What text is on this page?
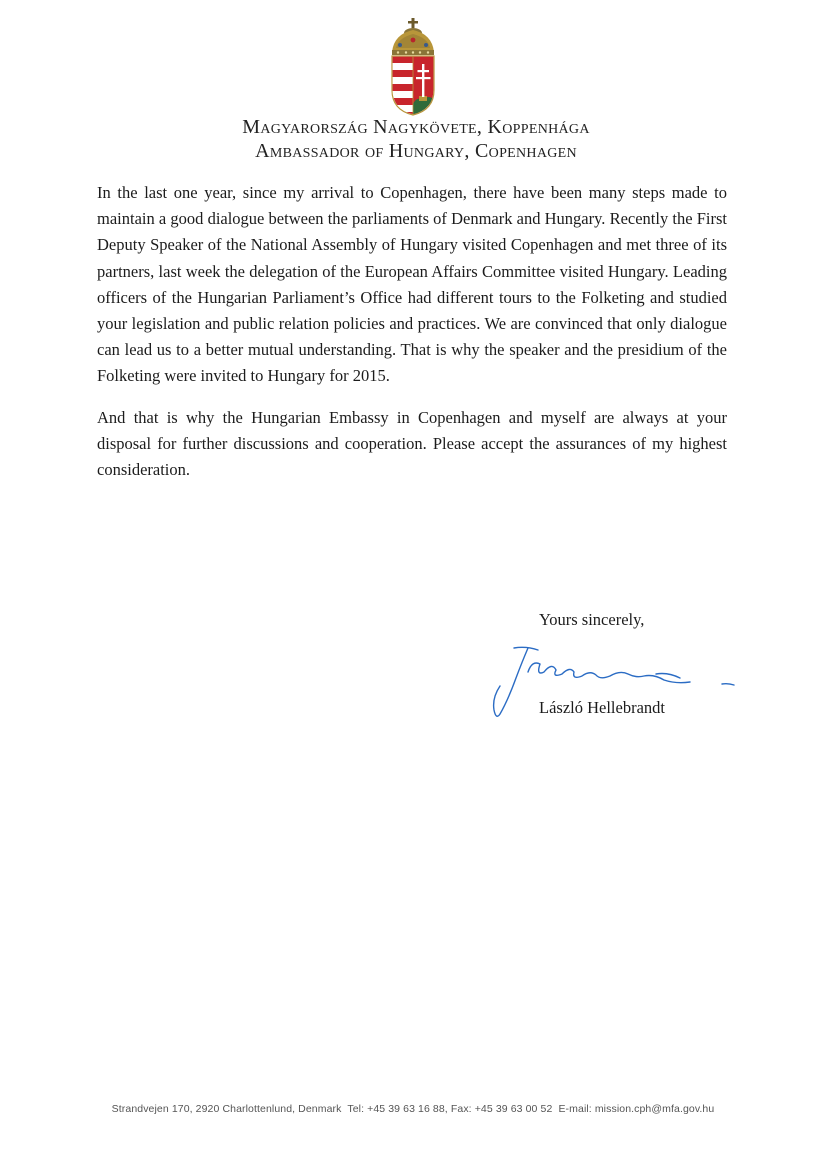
Magyarország Nagykövete, Koppenhága
Ambassador of Hungary, Copenhagen

In the last one year, since my arrival to Copenhagen, there have been many steps made to maintain a good dialogue between the parliaments of Denmark and Hungary. Recently the First Deputy Speaker of the National Assembly of Hungary visited Copenhagen and met three of its partners, last week the delegation of the European Affairs Committee visited Hungary. Leading officers of the Hungarian Parliament’s Office had different tours to the Folketing and studied your legislation and public relation policies and practices. We are convinced that only dialogue can lead us to a better mutual understanding. That is why the speaker and the presidium of the Folketing were invited to Hungary for 2015.

And that is why the Hungarian Embassy in Copenhagen and myself are always at your disposal for further discussions and cooperation. Please accept the assurances of my highest consideration.

Yours sincerely,
László Hellebrandt
Strandvejen 170, 2920 Charlottenlund, Denmark Tel: +45 39 63 16 88, Fax: +45 39 63 00 52 E-mail: mission.cph@mfa.gov.hu
